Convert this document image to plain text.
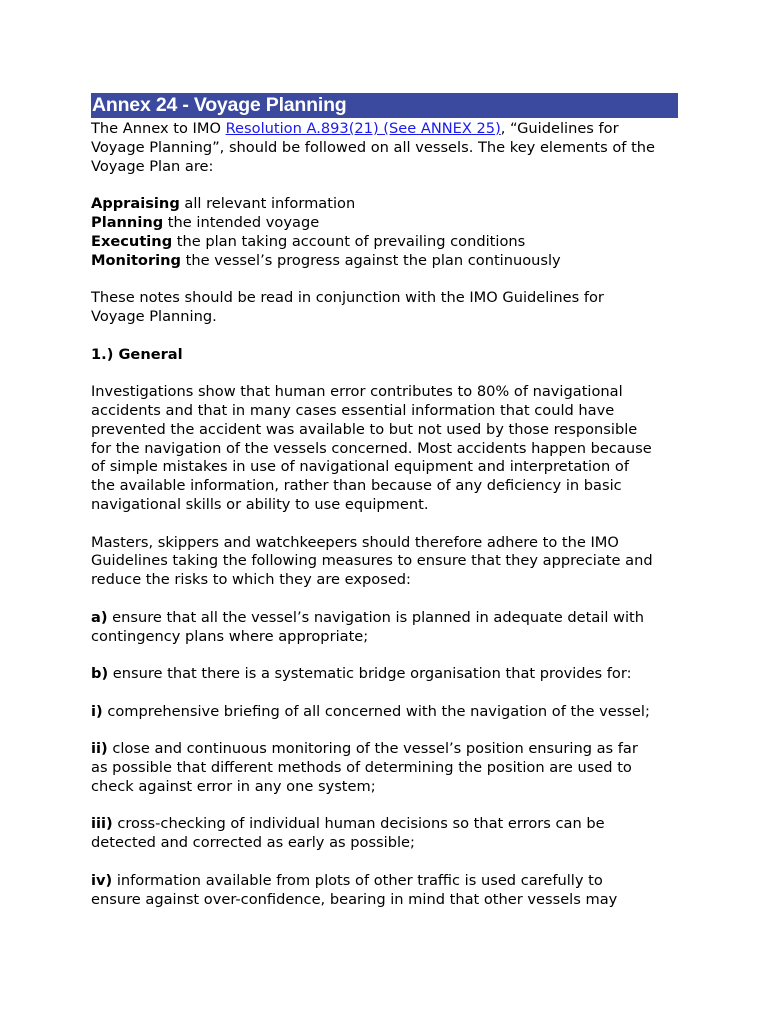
Annex 24 - Voyage Planning

The Annex to IMO Resolution A.893(21) (See ANNEX 25), “Guidelines for

Voyage Planning”, should be followed on all vessels. The key elements of the

Voyage Plan are:

Appraising all relevant information

Planning the intended voyage

Executing the plan taking account of prevailing conditions

Monitoring the vessel’s progress against the plan continuously

These notes should be read in conjunction with the IMO Guidelines for

Voyage Planning.

1.) General

Investigations show that human error contributes to 80% of navigational

accidents and that in many cases essential information that could have

prevented the accident was available to but not used by those responsible

for the navigation of the vessels concerned. Most accidents happen because

of simple mistakes in use of navigational equipment and interpretation of

the available information, rather than because of any deficiency in basic

navigational skills or ability to use equipment.

Masters, skippers and watchkeepers should therefore adhere to the IMO

Guidelines taking the following measures to ensure that they appreciate and

reduce the risks to which they are exposed:

a) ensure that all the vessel’s navigation is planned in adequate detail with

contingency plans where appropriate;

b) ensure that there is a systematic bridge organisation that provides for:

i) comprehensive briefing of all concerned with the navigation of the vessel;

ii) close and continuous monitoring of the vessel’s position ensuring as far

as possible that different methods of determining the position are used to

check against error in any one system;

iii) cross-checking of individual human decisions so that errors can be

detected and corrected as early as possible;

iv) information available from plots of other traffic is used carefully to

ensure against over-confidence, bearing in mind that other vessels may
